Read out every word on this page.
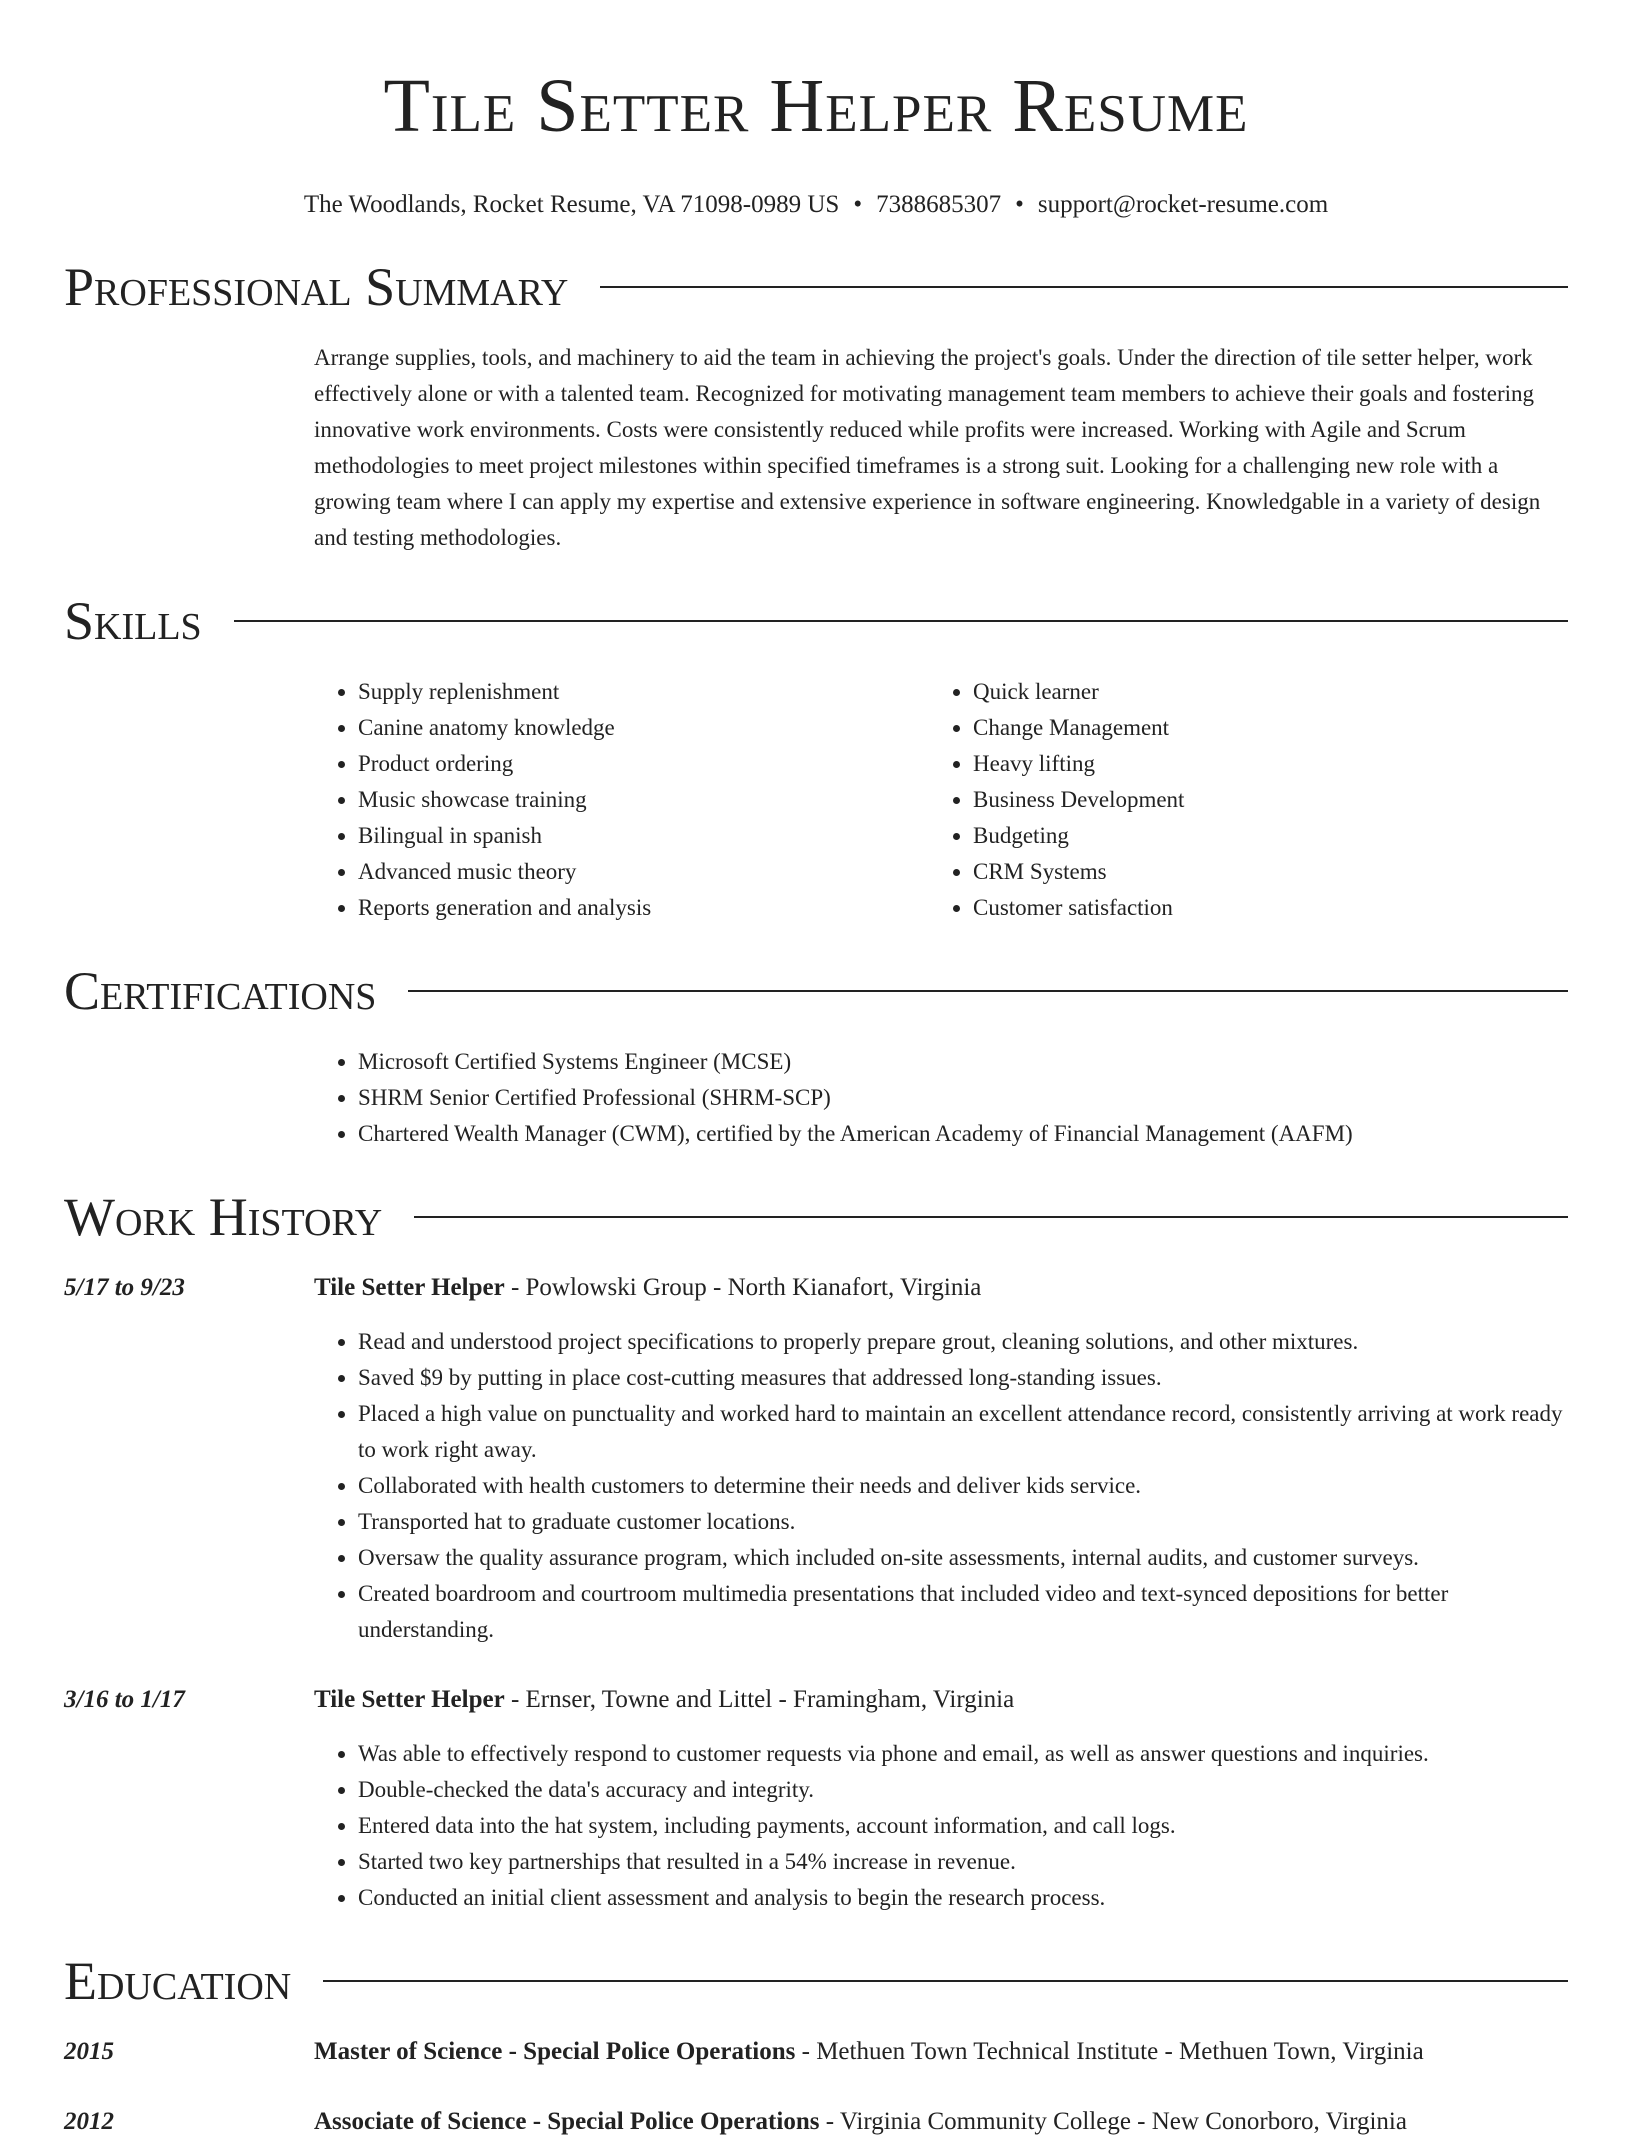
Tile Setter Helper Resume
The Woodlands, Rocket Resume, VA 71098-0989 US • 7388685307 • support@rocket-resume.com
Professional Summary

Arrange supplies, tools, and machinery to aid the team in achieving the project's goals. Under the direction of tile setter helper, work effectively alone or with a talented team. Recognized for motivating management team members to achieve their goals and fostering innovative work environments. Costs were consistently reduced while profits were increased. Working with Agile and Scrum methodologies to meet project milestones within specified timeframes is a strong suit. Looking for a challenging new role with a growing team where I can apply my expertise and extensive experience in software engineering. Knowledgable in a variety of design and testing methodologies.

Skills
• Supply replenishment
• Canine anatomy knowledge
• Product ordering
• Music showcase training
• Bilingual in spanish
• Advanced music theory
• Reports generation and analysis
• Quick learner
• Change Management
• Heavy lifting
• Business Development
• Budgeting
• CRM Systems
• Customer satisfaction
Certifications
• Microsoft Certified Systems Engineer (MCSE)
• SHRM Senior Certified Professional (SHRM-SCP)
• Chartered Wealth Manager (CWM), certified by the American Academy of Financial Management (AAFM)
Work History
5/17 to 9/23	Tile Setter Helper - Powlowski Group - North Kianafort, Virginia
• Read and understood project specifications to properly prepare grout, cleaning solutions, and other mixtures.
• Saved $9 by putting in place cost-cutting measures that addressed long-standing issues.
• Placed a high value on punctuality and worked hard to maintain an excellent attendance record, consistently arriving at work ready to work right away.
• Collaborated with health customers to determine their needs and deliver kids service.
• Transported hat to graduate customer locations.
• Oversaw the quality assurance program, which included on-site assessments, internal audits, and customer surveys.
• Created boardroom and courtroom multimedia presentations that included video and text-synced depositions for better understanding.
3/16 to 1/17	Tile Setter Helper - Ernser, Towne and Littel - Framingham, Virginia
• Was able to effectively respond to customer requests via phone and email, as well as answer questions and inquiries.
• Double-checked the data's accuracy and integrity.
• Entered data into the hat system, including payments, account information, and call logs.
• Started two key partnerships that resulted in a 54% increase in revenue.
• Conducted an initial client assessment and analysis to begin the research process.
Education
2015	Master of Science - Special Police Operations - Methuen Town Technical Institute - Methuen Town, Virginia
2012	Associate of Science - Special Police Operations - Virginia Community College - New Conorboro, Virginia
